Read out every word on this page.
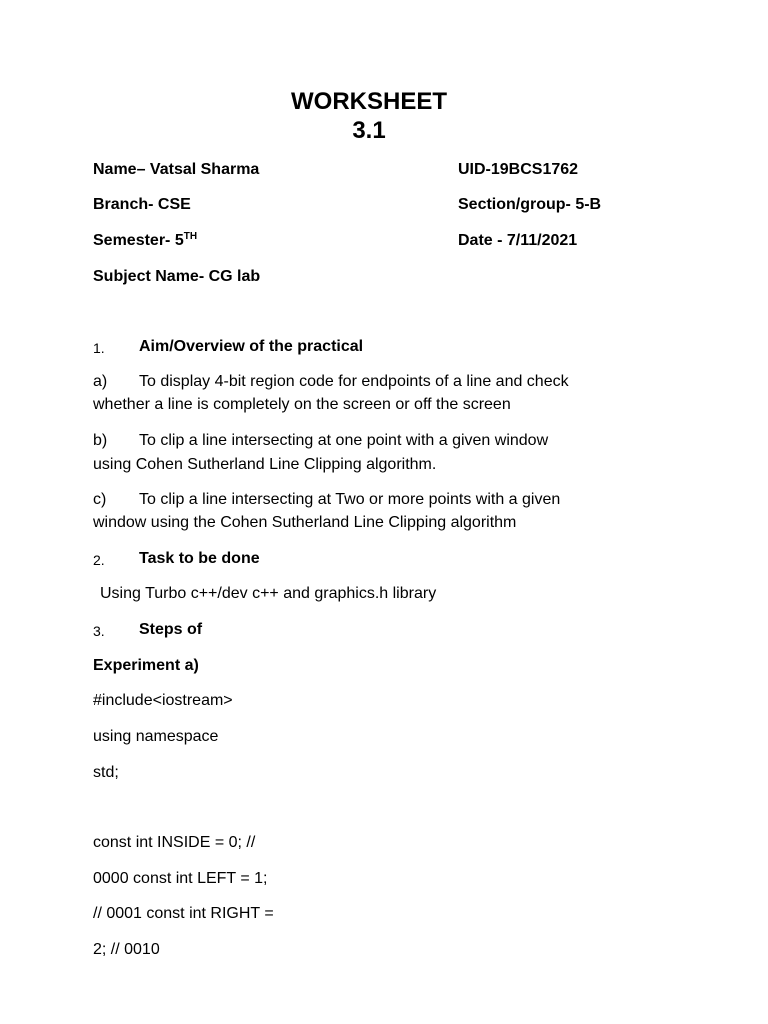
WORKSHEET
3.1
Name– Vatsal Sharma	UID-19BCS1762
Branch- CSE	Section/group- 5-B
Semester- 5TH	Date - 7/11/2021
Subject Name- CG lab
1. Aim/Overview of the practical
a) To display 4-bit region code for endpoints of a line and check
whether a line is completely on the screen or off the screen
b) To clip a line intersecting at one point with a given window
using Cohen Sutherland Line Clipping algorithm.
c) To clip a line intersecting at Two or more points with a given
window using the Cohen Sutherland Line Clipping algorithm
2. Task to be done
Using Turbo c++/dev c++ and graphics.h library
3. Steps of
Experiment a)
#include<iostream>
using namespace
std;
const int INSIDE = 0; //
0000 const int LEFT = 1;
// 0001 const int RIGHT =
2; // 0010
